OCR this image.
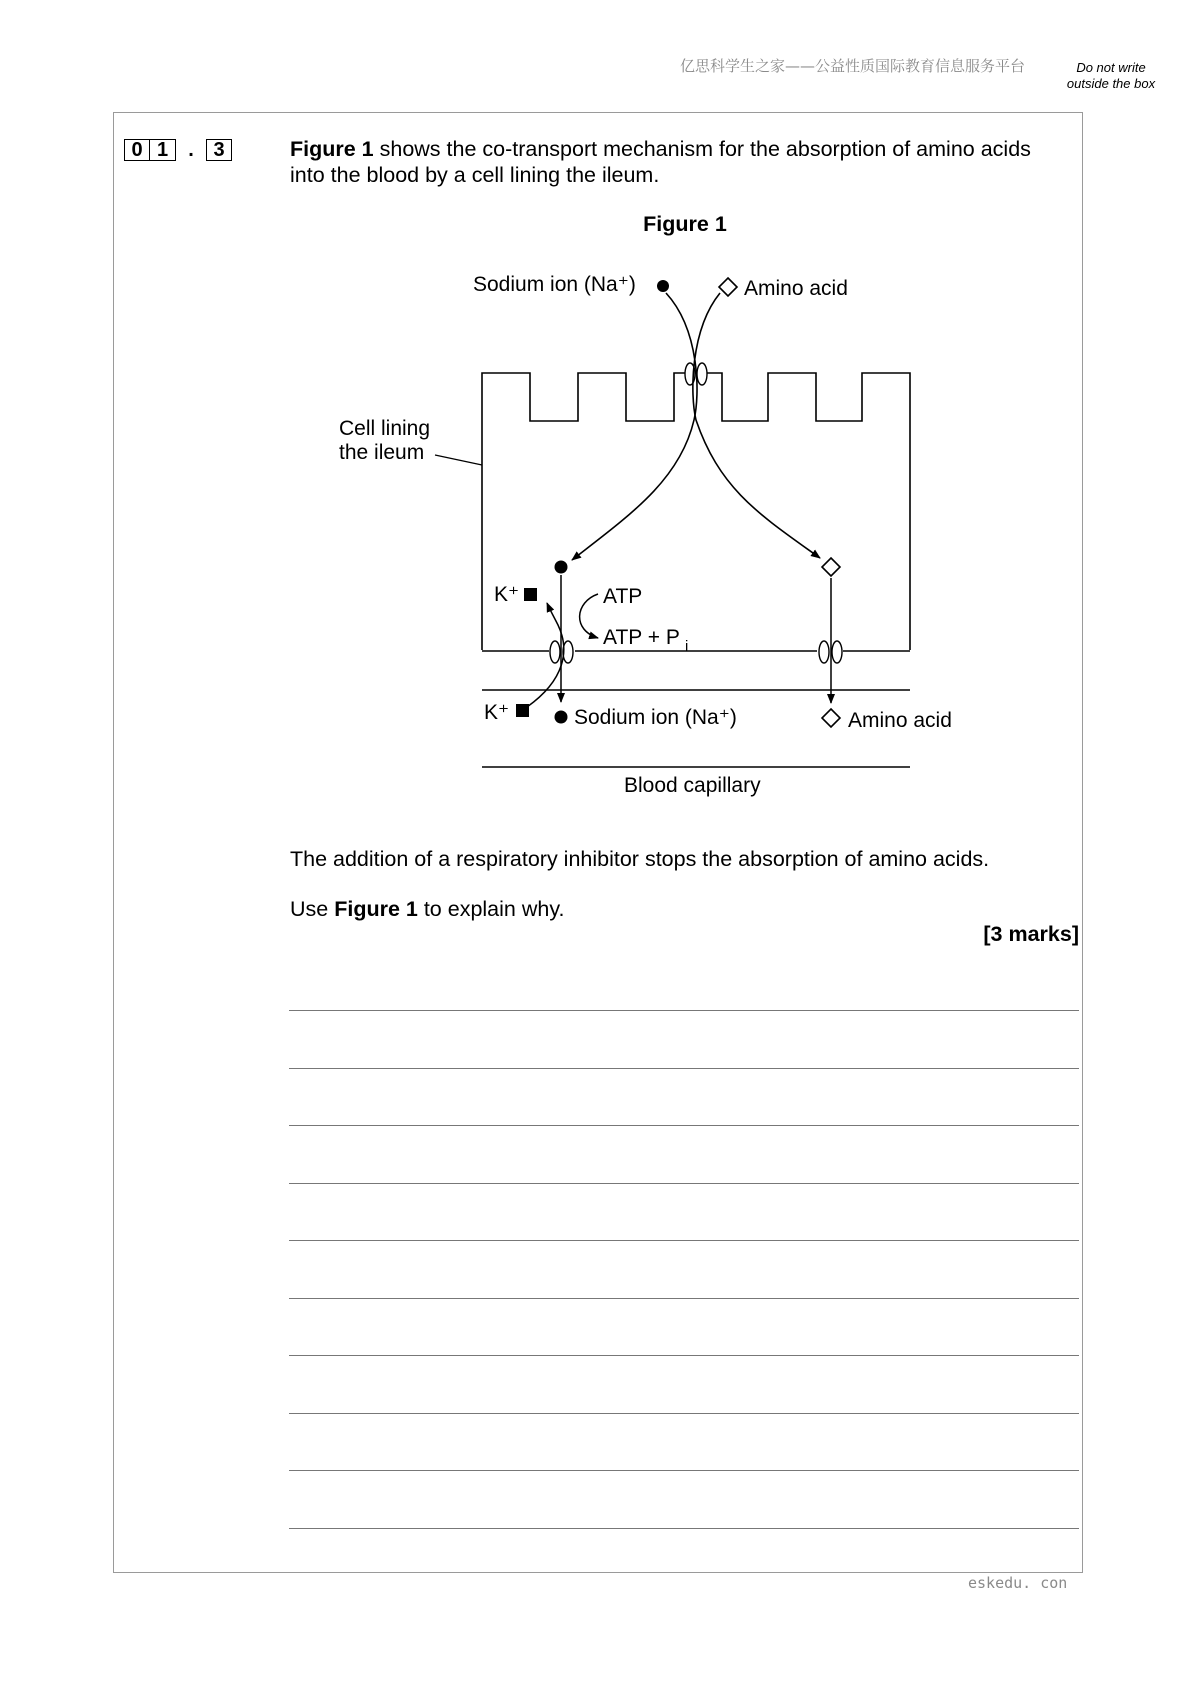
亿思科学生之家——公益性质国际教育信息服务平台	Do not write outside the box
0 1	. 3	Figure 1 shows the co-transport mechanism for the absorption of amino acids into the blood by a cell lining the ileum.
Figure 1
Sodium ion (Na⁺)	Amino acid
Cell lining
the ileum
K⁺	ATP
ATP + P i
K⁺	Sodium ion (Na⁺)	Amino acid
Blood capillary
The addition of a respiratory inhibitor stops the absorption of amino acids.
Use Figure 1 to explain why.
[3 marks]
eskedu. con
